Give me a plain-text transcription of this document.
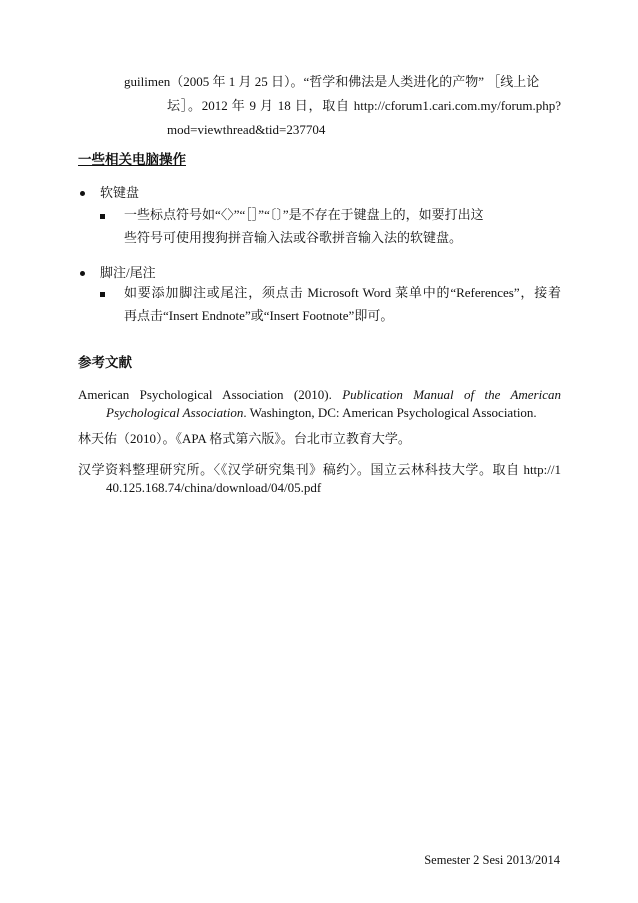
guilimen（2005 年 1 月 25 日）。“哲学和佛法是人类进化的产物” ［线上论
坛］。2012 年 9 月 18 日，取自 http://cforum1.cari.com.my/forum.php?
mod=viewthread&tid=237704
一些相关电脑操作
软键盘
一些标点符号如“〈〉”“［］”“〔〕”是不存在于键盘上的，如要打出这
些符号可使用搜狗拼音输入法或谷歌拼音输入法的软键盘。
脚注/尾注
如要添加脚注或尾注，须点击 Microsoft Word 菜单中的“References”，接着
再点击“Insert Endnote”或“Insert Footnote”即可。
参考文献
American Psychological Association (2010). Publication Manual of the American
Psychological Association. Washington, DC: American Psychological Association.
林天佑（2010）。《APA 格式第六版》。台北市立教育大学。
汉学资料整理研究所。〈《汉学研究集刊》稿约〉。国立云林科技大学。取自 http://1
40.125.168.74/china/download/04/05.pdf
Semester 2 Sesi 2013/2014
